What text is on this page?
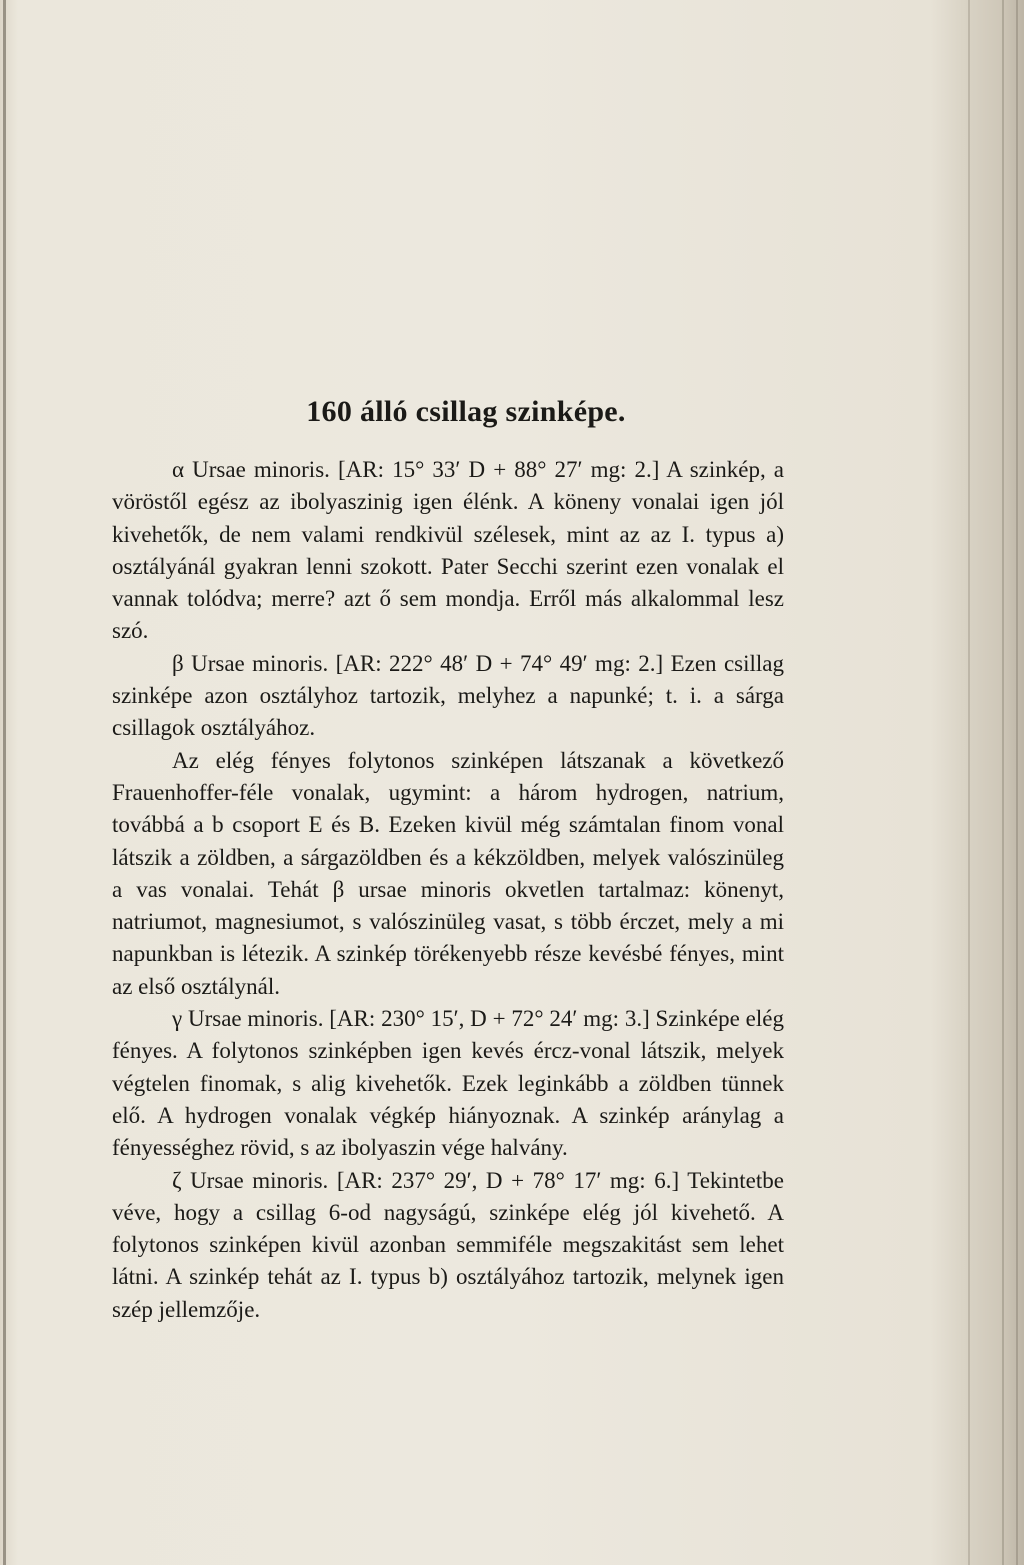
160 álló csillag szinképe.

α Ursae minoris. [AR: 15° 33′ D + 88° 27′ mg: 2.] A szinkép, a vöröstől egész az ibolyaszinig igen élénk. A köneny vonalai igen jól kivehetők, de nem valami rendkivül szélesek, mint az az I. typus a) osztályánál gyakran lenni szokott. Pater Secchi szerint ezen vonalak el vannak tolódva; merre? azt ő sem mondja. Erről más alkalommal lesz szó.

β Ursae minoris. [AR: 222° 48′ D + 74° 49′ mg: 2.] Ezen csillag szinképe azon osztályhoz tartozik, melyhez a napunké; t. i. a sárga csillagok osztályához.

Az elég fényes folytonos szinképen látszanak a következő Frauenhoffer-féle vonalak, ugymint: a három hydrogen, natrium, továbbá a b csoport E és B. Ezeken kivül még számtalan finom vonal látszik a zöldben, a sárgazöldben és a kékzöldben, melyek valószinüleg a vas vonalai. Tehát β ursae minoris okvetlen tartalmaz: könenyt, natriumot, magnesiumot, s valószinüleg vasat, s több érczet, mely a mi napunkban is létezik. A szinkép törékenyebb része kevésbé fényes, mint az első osztálynál.

γ Ursae minoris. [AR: 230° 15′, D + 72° 24′ mg: 3.] Szinképe elég fényes. A folytonos szinképben igen kevés ércz-vonal látszik, melyek végtelen finomak, s alig kivehetők. Ezek leginkább a zöldben tünnek elő. A hydrogen vonalak végkép hiányoznak. A szinkép aránylag a fényességhez rövid, s az ibolyaszin vége halvány.

ζ Ursae minoris. [AR: 237° 29′, D + 78° 17′ mg: 6.] Tekintetbe véve, hogy a csillag 6-od nagyságú, szinképe elég jól kivehető. A folytonos szinképen kivül azonban semmiféle megszakitást sem lehet látni. A szinkép tehát az I. typus b) osztályához tartozik, melynek igen szép jellemzője.
